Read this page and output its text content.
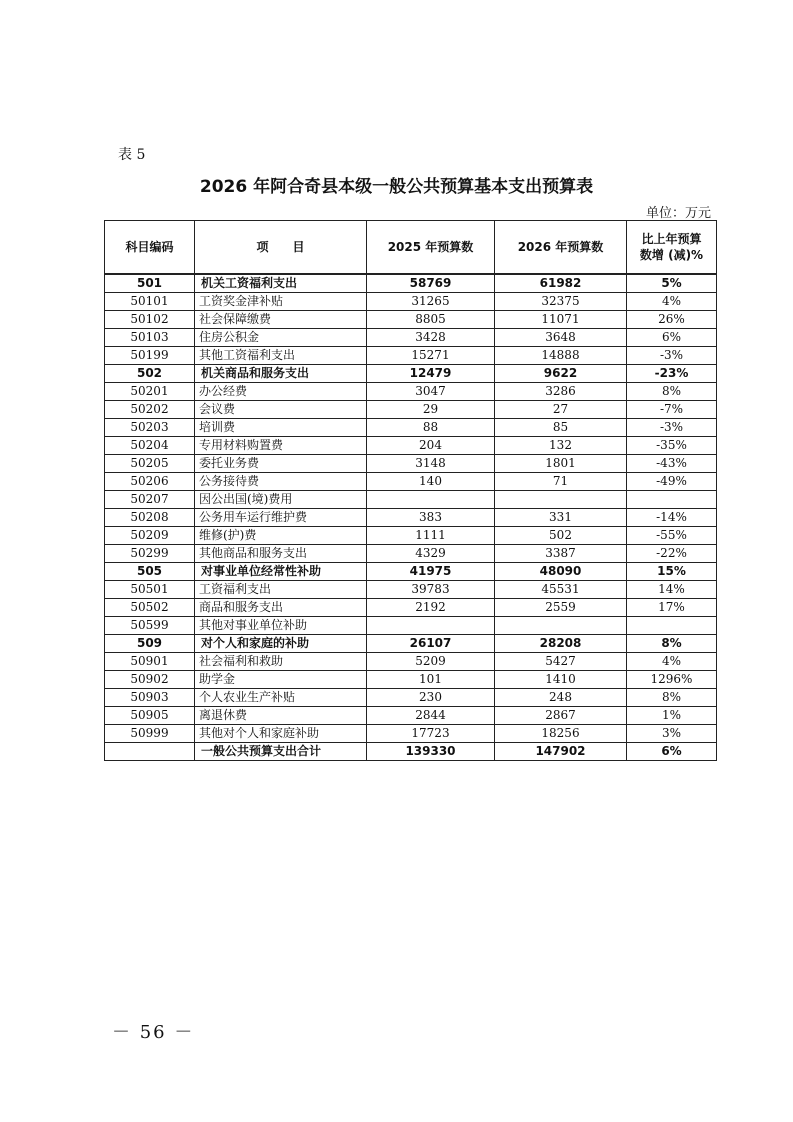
表 5
2026 年阿合奇县本级一般公共预算基本支出预算表
单位：万元
科目编码	项　　目	2025 年预算数	2026 年预算数	比上年预算
数增 (减)%
501	机关工资福利支出	58769	61982	5%
50101	工资奖金津补贴	31265	32375	4%
50102	社会保障缴费	8805	11071	26%
50103	住房公积金	3428	3648	6%
50199	其他工资福利支出	15271	14888	-3%
502	机关商品和服务支出	12479	9622	-23%
50201	办公经费	3047	3286	8%
50202	会议费	29	27	-7%
50203	培训费	88	85	-3%
50204	专用材料购置费	204	132	-35%
50205	委托业务费	3148	1801	-43%
50206	公务接待费	140	71	-49%
50207	因公出国(境)费用			
50208	公务用车运行维护费	383	331	-14%
50209	维修(护)费	1111	502	-55%
50299	其他商品和服务支出	4329	3387	-22%
505	对事业单位经常性补助	41975	48090	15%
50501	工资福利支出	39783	45531	14%
50502	商品和服务支出	2192	2559	17%
50599	其他对事业单位补助			
509	对个人和家庭的补助	26107	28208	8%
50901	社会福利和救助	5209	5427	4%
50902	助学金	101	1410	1296%
50903	个人农业生产补贴	230	248	8%
50905	离退休费	2844	2867	1%
50999	其他对个人和家庭补助	17723	18256	3%
	一般公共预算支出合计	139330	147902	6%
－ 56 －
